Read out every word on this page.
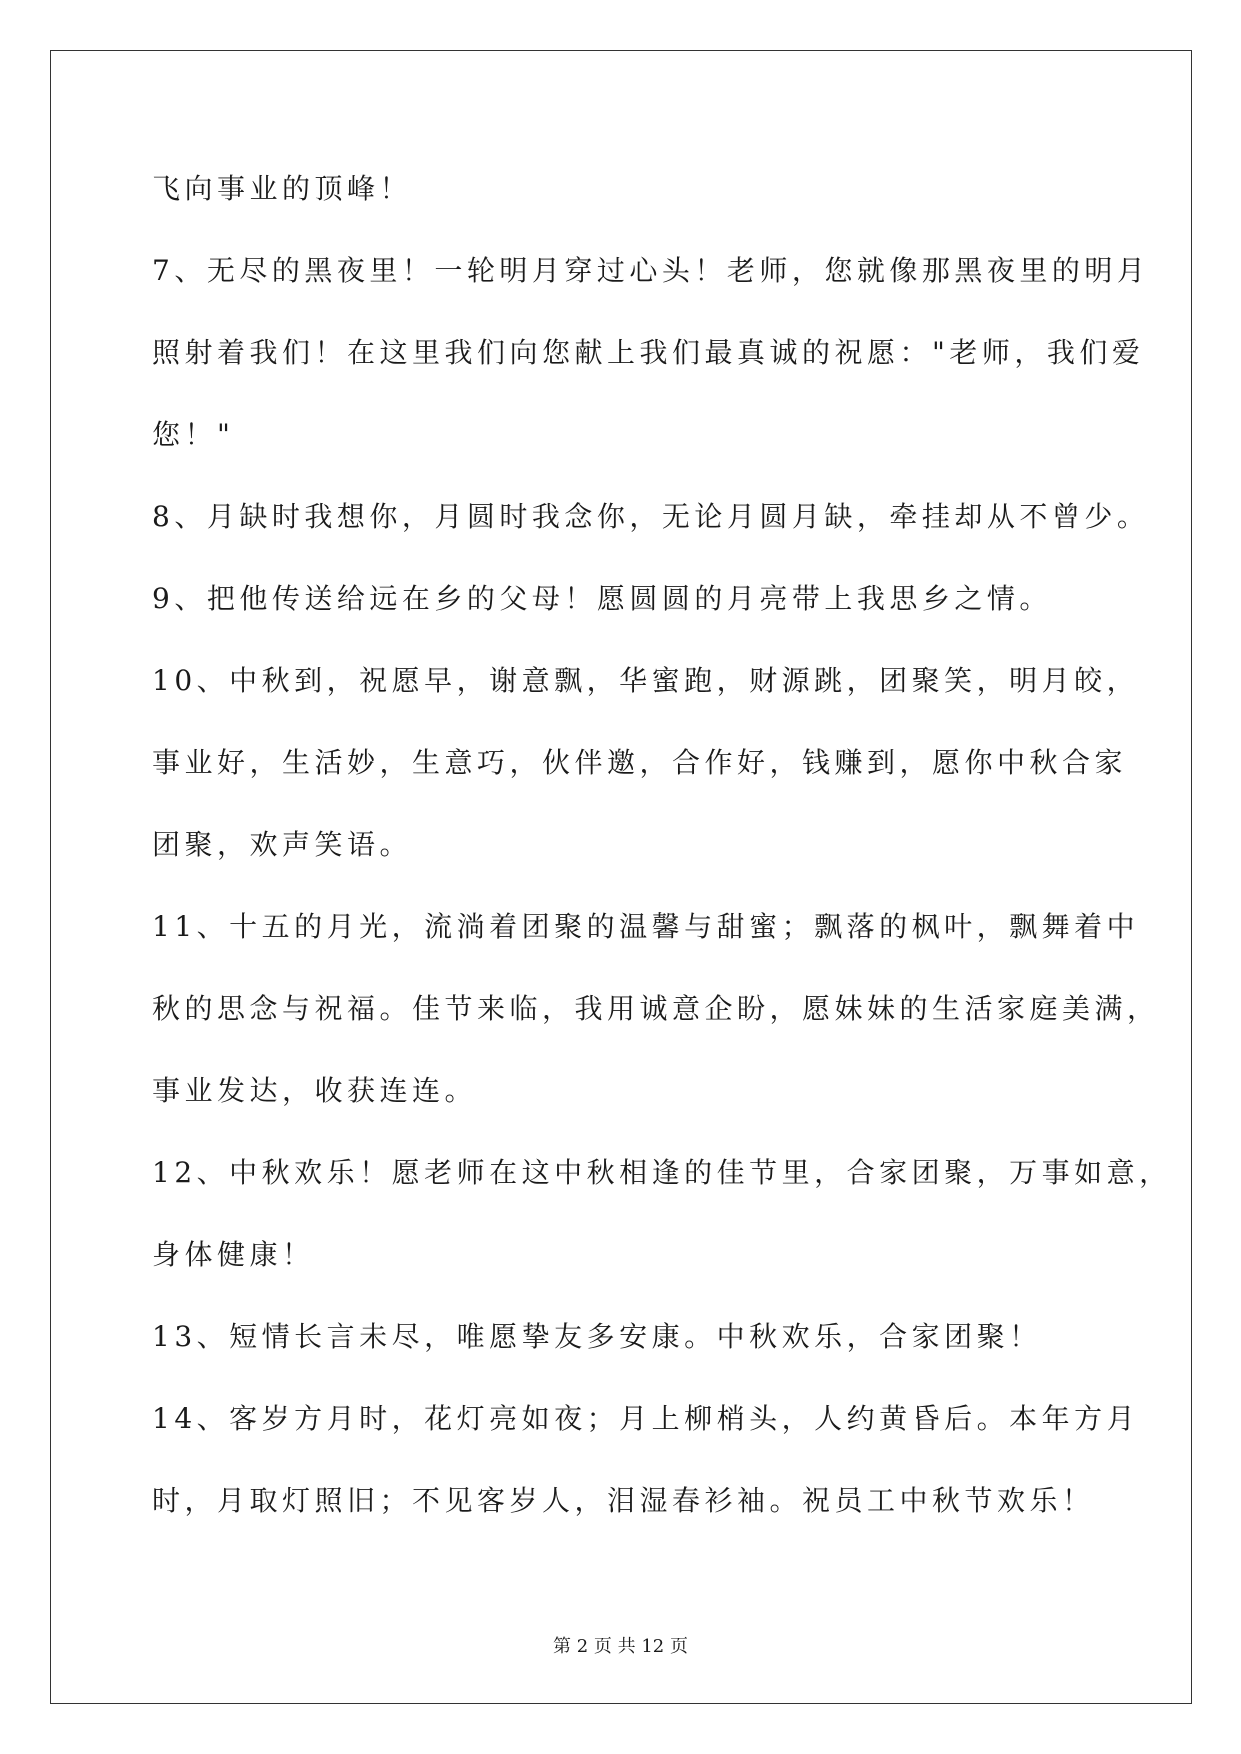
飞向事业的顶峰！
7、无尽的黑夜里！一轮明月穿过心头！老师，您就像那黑夜里的明月
照射着我们！在这里我们向您献上我们最真诚的祝愿："老师，我们爱
您！"
8、月缺时我想你，月圆时我念你，无论月圆月缺，牵挂却从不曾少。
9、把他传送给远在乡的父母！愿圆圆的月亮带上我思乡之情。
10、中秋到，祝愿早，谢意飘，华蜜跑，财源跳，团聚笑，明月皎，
事业好，生活妙，生意巧，伙伴邀，合作好，钱赚到，愿你中秋合家
团聚，欢声笑语。
11、十五的月光，流淌着团聚的温馨与甜蜜；飘落的枫叶，飘舞着中
秋的思念与祝福。佳节来临，我用诚意企盼，愿妹妹的生活家庭美满，
事业发达，收获连连。
12、中秋欢乐！愿老师在这中秋相逢的佳节里，合家团聚，万事如意，
身体健康！
13、短情长言未尽，唯愿挚友多安康。中秋欢乐，合家团聚！
14、客岁方月时，花灯亮如夜；月上柳梢头，人约黄昏后。本年方月
时，月取灯照旧；不见客岁人，泪湿春衫袖。祝员工中秋节欢乐！
第 2 页 共 12 页
